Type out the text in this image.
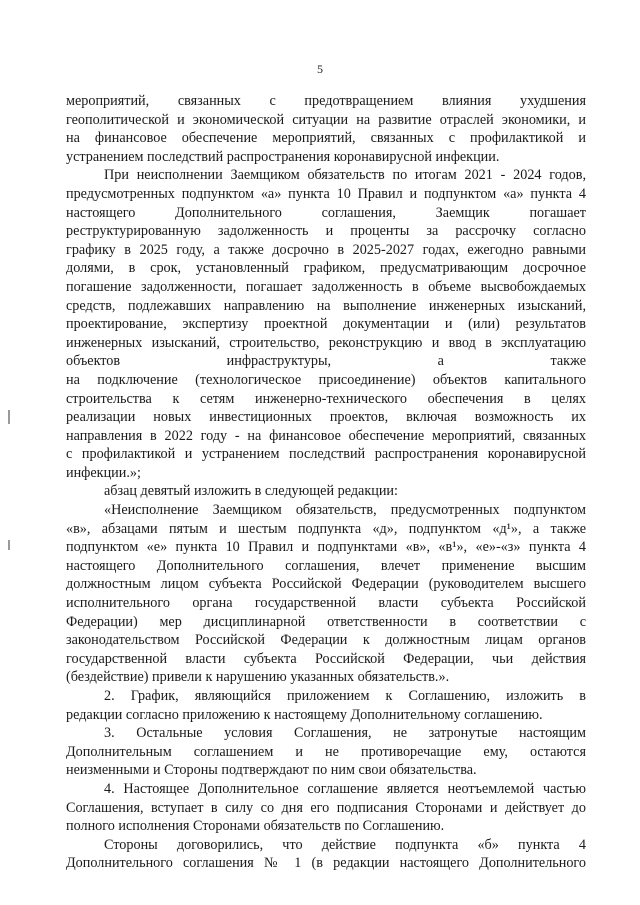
5
мероприятий, связанных с предотвращением влияния ухудшения
геополитической и экономической ситуации на развитие отраслей экономики, и
на финансовое обеспечение мероприятий, связанных с профилактикой и
устранением последствий распространения коронавирусной инфекции.
При неисполнении Заемщиком обязательств по итогам 2021 - 2024 годов,
предусмотренных подпунктом «а» пункта 10 Правил и подпунктом «а» пункта 4
настоящего Дополнительного соглашения, Заемщик погашает
реструктурированную задолженность и проценты за рассрочку согласно
графику в 2025 году, а также досрочно в 2025-2027 годах, ежегодно равными
долями, в срок, установленный графиком, предусматривающим досрочное
погашение задолженности, погашает задолженность в объеме высвобождаемых
средств, подлежавших направлению на выполнение инженерных изысканий,
проектирование, экспертизу проектной документации и (или) результатов
инженерных изысканий, строительство, реконструкцию и ввод в эксплуатацию
объектов инфраструктуры, а также
на подключение (технологическое присоединение) объектов капитального
строительства к сетям инженерно-технического обеспечения в целях
реализации новых инвестиционных проектов, включая возможность их
направления в 2022 году - на финансовое обеспечение мероприятий, связанных
с профилактикой и устранением последствий распространения коронавирусной
инфекции.»;
абзац девятый изложить в следующей редакции:
«Неисполнение Заемщиком обязательств, предусмотренных подпунктом
«в», абзацами пятым и шестым подпункта «д», подпунктом «д¹», а также
подпунктом «е» пункта 10 Правил и подпунктами «в», «в¹», «е»-«з» пункта 4
настоящего Дополнительного соглашения, влечет применение высшим
должностным лицом субъекта Российской Федерации (руководителем высшего
исполнительного органа государственной власти субъекта Российской
Федерации) мер дисциплинарной ответственности в соответствии с
законодательством Российской Федерации к должностным лицам органов
государственной власти субъекта Российской Федерации, чьи действия
(бездействие) привели к нарушению указанных обязательств.».
2. График, являющийся приложением к Соглашению, изложить в
редакции согласно приложению к настоящему Дополнительному соглашению.
3. Остальные условия Соглашения, не затронутые настоящим
Дополнительным соглашением и не противоречащие ему, остаются
неизменными и Стороны подтверждают по ним свои обязательства.
4. Настоящее Дополнительное соглашение является неотъемлемой частью
Соглашения, вступает в силу со дня его подписания Сторонами и действует до
полного исполнения Сторонами обязательств по Соглашению.
Стороны договорились, что действие подпункта «б» пункта 4
Дополнительного соглашения № 1 (в редакции настоящего Дополнительного
